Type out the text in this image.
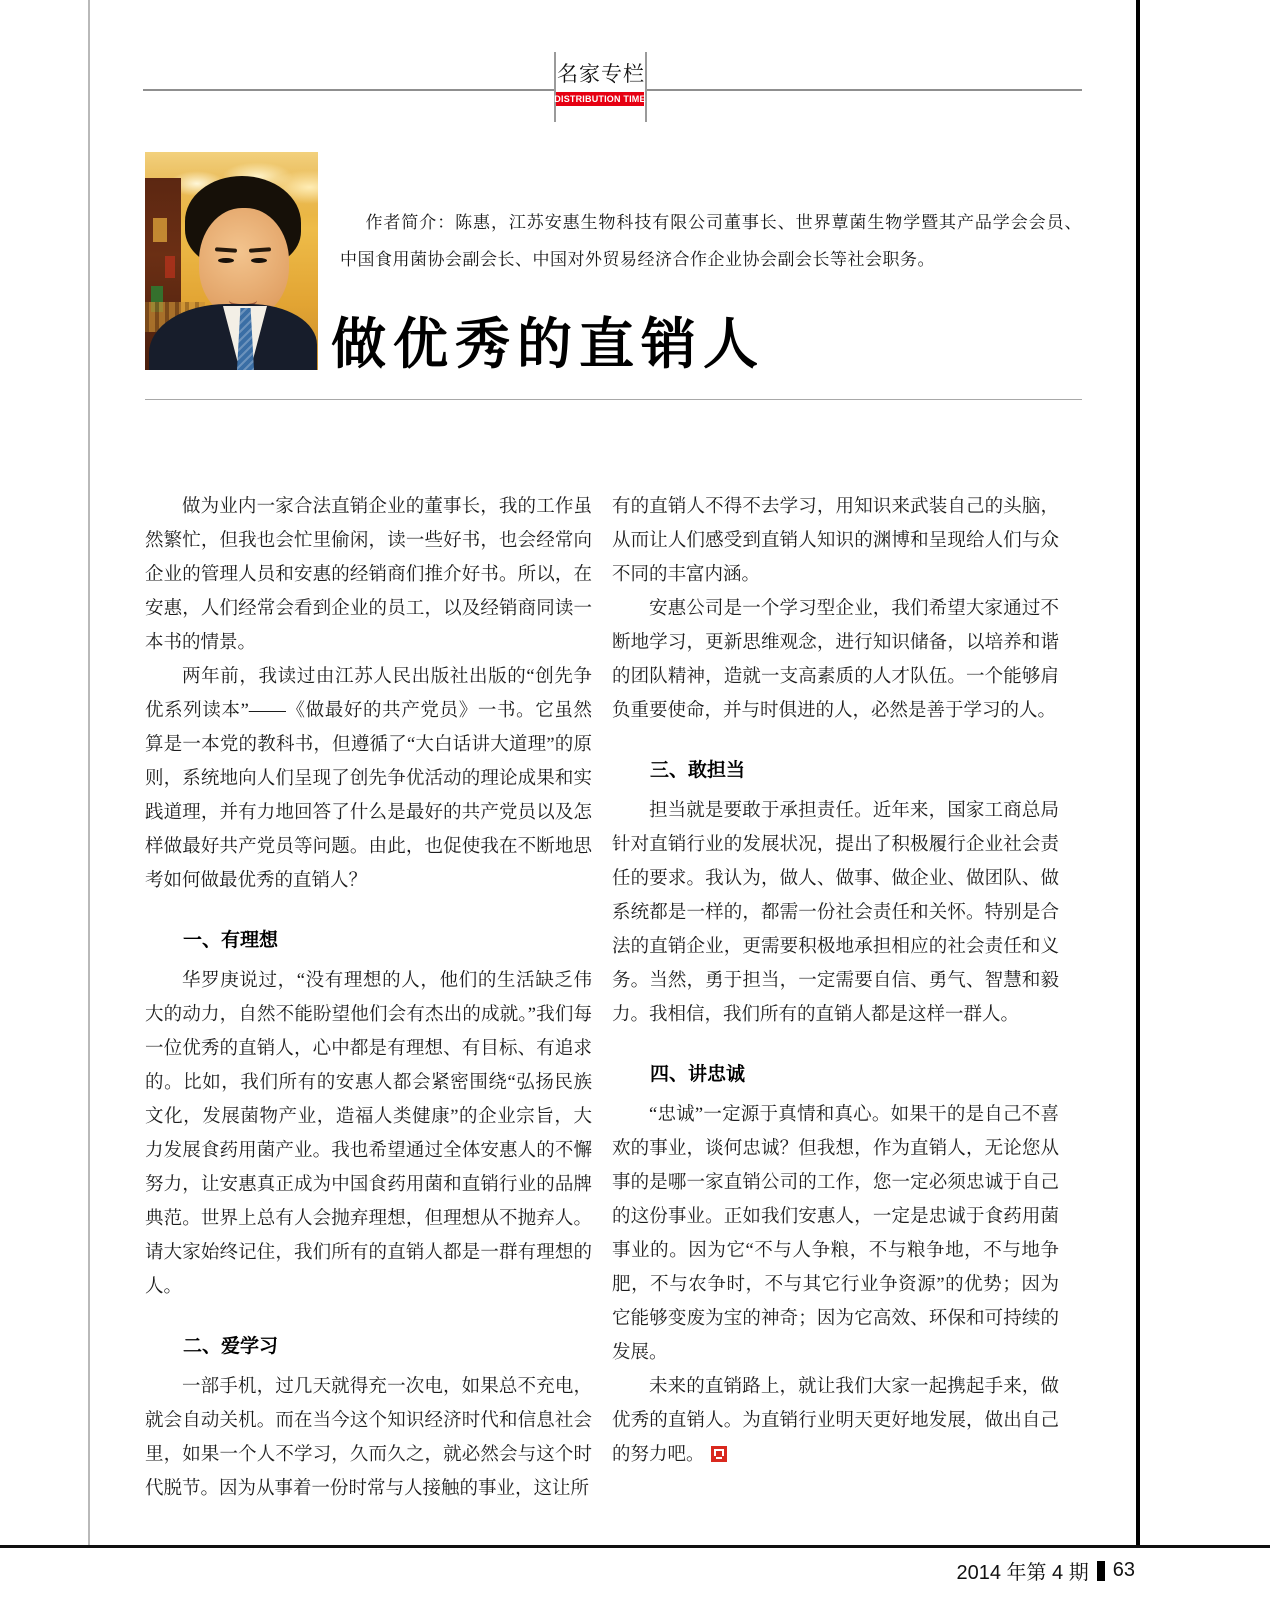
名家专栏
DISTRIBUTION TIME
作者简介：陈惠，江苏安惠生物科技有限公司董事长、世界蕈菌生物学暨其产品学会会员、中国食用菌协会副会长、中国对外贸易经济合作企业协会副会长等社会职务。
做优秀的直销人
做为业内一家合法直销企业的董事长，我的工作虽然繁忙，但我也会忙里偷闲，读一些好书，也会经常向企业的管理人员和安惠的经销商们推介好书。所以，在安惠，人们经常会看到企业的员工，以及经销商同读一本书的情景。
两年前，我读过由江苏人民出版社出版的“创先争优系列读本”——《做最好的共产党员》一书。它虽然算是一本党的教科书，但遵循了“大白话讲大道理”的原则，系统地向人们呈现了创先争优活动的理论成果和实践道理，并有力地回答了什么是最好的共产党员以及怎样做最好共产党员等问题。由此，也促使我在不断地思考如何做最优秀的直销人？
一、有理想
华罗庚说过，“没有理想的人，他们的生活缺乏伟大的动力，自然不能盼望他们会有杰出的成就。”我们每一位优秀的直销人，心中都是有理想、有目标、有追求的。比如，我们所有的安惠人都会紧密围绕“弘扬民族文化，发展菌物产业，造福人类健康”的企业宗旨，大力发展食药用菌产业。我也希望通过全体安惠人的不懈努力，让安惠真正成为中国食药用菌和直销行业的品牌典范。世界上总有人会抛弃理想，但理想从不抛弃人。请大家始终记住，我们所有的直销人都是一群有理想的人。
二、爱学习
一部手机，过几天就得充一次电，如果总不充电，就会自动关机。而在当今这个知识经济时代和信息社会里，如果一个人不学习，久而久之，就必然会与这个时代脱节。因为从事着一份时常与人接触的事业，这让所
有的直销人不得不去学习，用知识来武装自己的头脑，从而让人们感受到直销人知识的渊博和呈现给人们与众不同的丰富内涵。
安惠公司是一个学习型企业，我们希望大家通过不断地学习，更新思维观念，进行知识储备，以培养和谐的团队精神，造就一支高素质的人才队伍。一个能够肩负重要使命，并与时俱进的人，必然是善于学习的人。
三、敢担当
担当就是要敢于承担责任。近年来，国家工商总局针对直销行业的发展状况，提出了积极履行企业社会责任的要求。我认为，做人、做事、做企业、做团队、做系统都是一样的，都需一份社会责任和关怀。特别是合法的直销企业，更需要积极地承担相应的社会责任和义务。当然，勇于担当，一定需要自信、勇气、智慧和毅力。我相信，我们所有的直销人都是这样一群人。
四、讲忠诚
“忠诚”一定源于真情和真心。如果干的是自己不喜欢的事业，谈何忠诚？但我想，作为直销人，无论您从事的是哪一家直销公司的工作，您一定必须忠诚于自己的这份事业。正如我们安惠人，一定是忠诚于食药用菌事业的。因为它“不与人争粮，不与粮争地，不与地争肥，不与农争时，不与其它行业争资源”的优势；因为它能够变废为宝的神奇；因为它高效、环保和可持续的发展。
未来的直销路上，就让我们大家一起携起手来，做优秀的直销人。为直销行业明天更好地发展，做出自己的努力吧。
2014 年第 4 期 63
